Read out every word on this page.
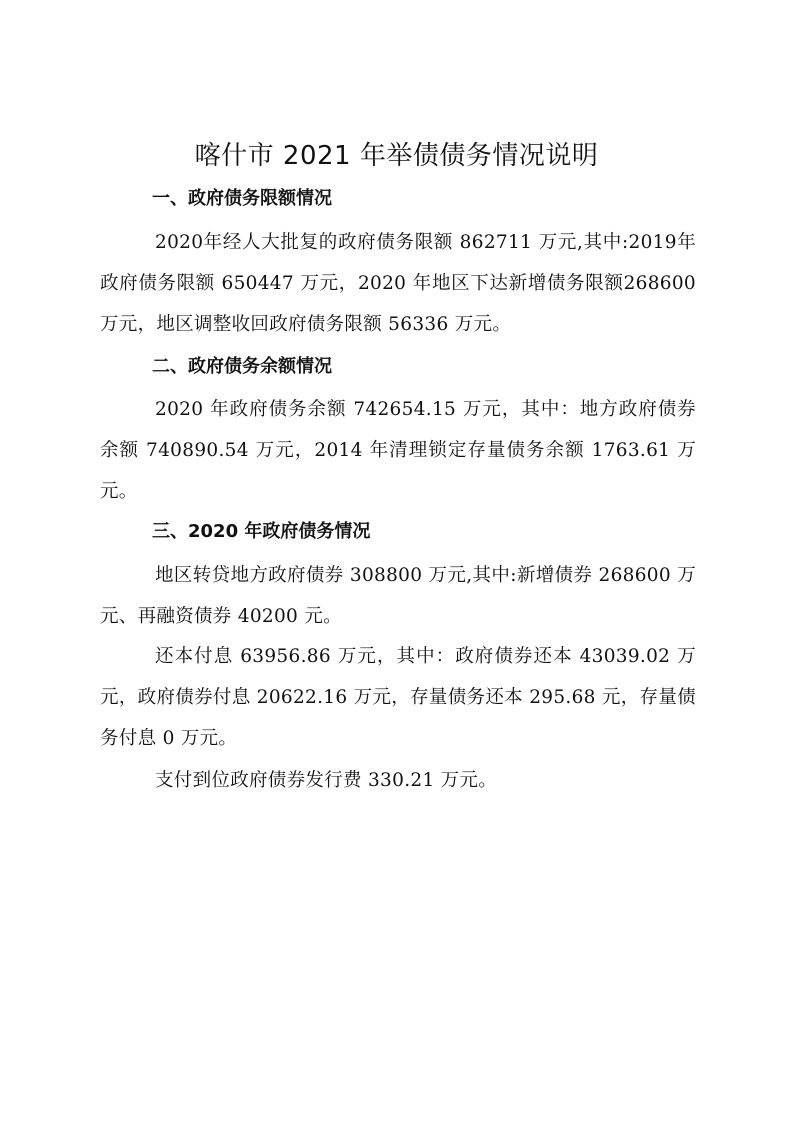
喀什市 2021 年举债债务情况说明
一、政府债务限额情况
2020年经人大批复的政府债务限额 862711 万元,其中:2019年政府债务限额 650447 万元，2020 年地区下达新增债务限额268600 万元，地区调整收回政府债务限额 56336 万元。
二、政府债务余额情况
2020 年政府债务余额 742654.15 万元，其中：地方政府债券余额 740890.54 万元，2014 年清理锁定存量债务余额 1763.61 万元。
三、2020 年政府债务情况
地区转贷地方政府债券 308800 万元,其中:新增债券 268600 万元、再融资债券 40200 元。
还本付息 63956.86 万元，其中：政府债券还本 43039.02 万元，政府债券付息 20622.16 万元，存量债务还本 295.68 元，存量债务付息 0 万元。
支付到位政府债券发行费 330.21 万元。
